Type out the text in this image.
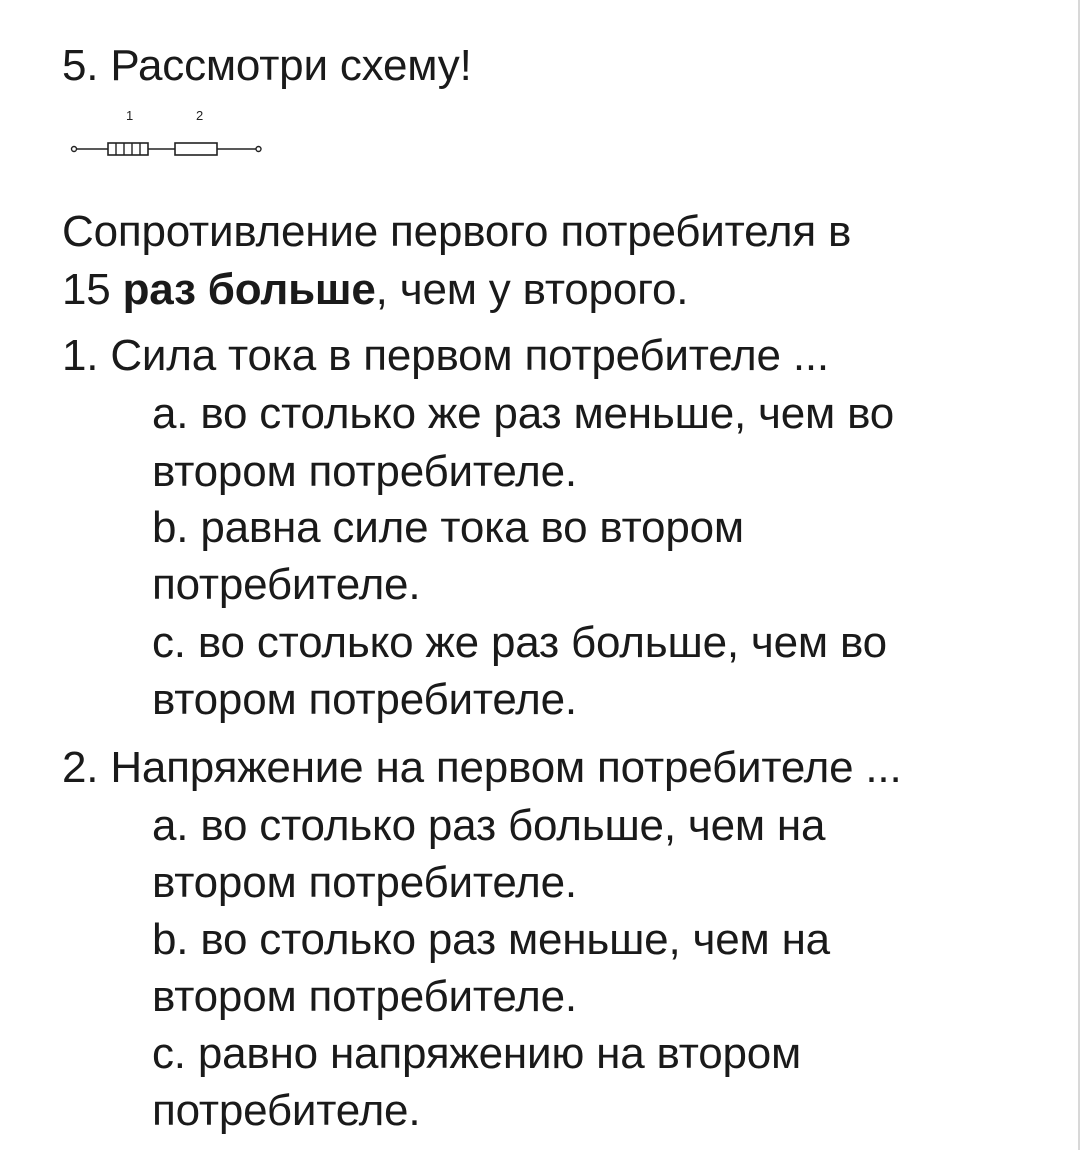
5. Рассмотри схему!
1	2
Сопротивление первого потребителя в
15 раз больше, чем у второго.
1. Сила тока в первом потребителе ...
a. во столько же раз меньше, чем во
втором потребителе.
b. равна силе тока во втором
потребителе.
c. во столько же раз больше, чем во
втором потребителе.
2. Напряжение на первом потребителе ...
a. во столько раз больше, чем на
втором потребителе.
b. во столько раз меньше, чем на
втором потребителе.
c. равно напряжению на втором
потребителе.
